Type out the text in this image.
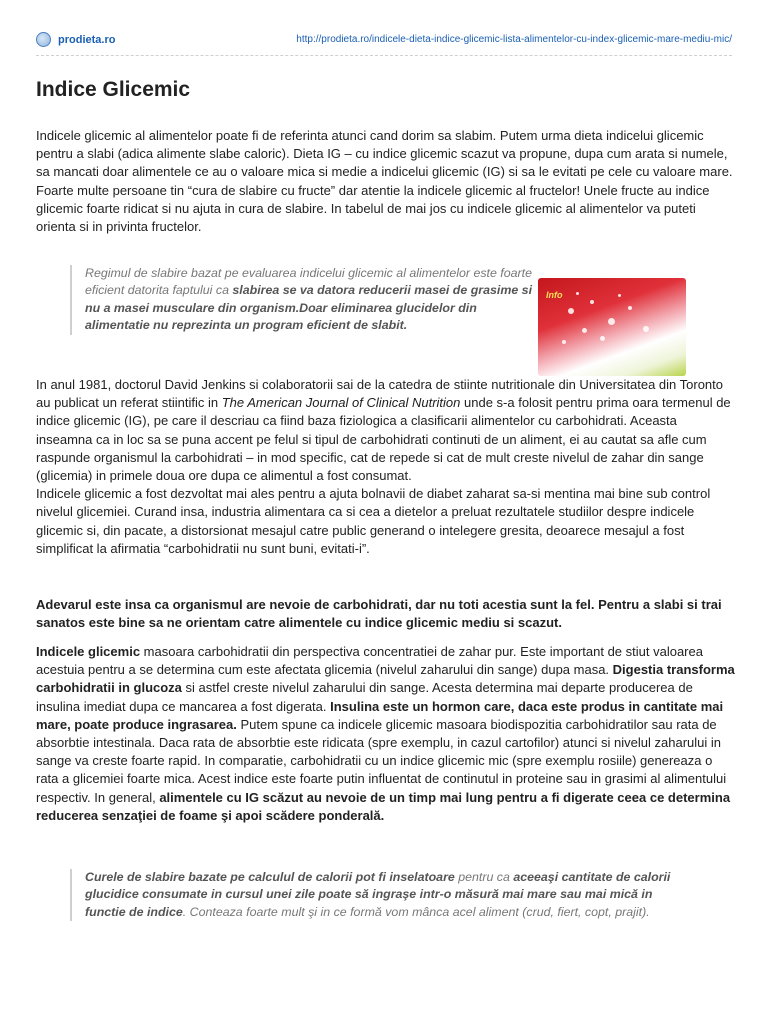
prodieta.ro	http://prodieta.ro/indicele-dieta-indice-glicemic-lista-alimentelor-cu-index-glicemic-mare-mediu-mic/
Indice Glicemic

Indicele glicemic al alimentelor poate fi de referinta atunci cand dorim sa slabim. Putem urma dieta indicelui glicemic pentru a slabi (adica alimente slabe caloric). Dieta IG – cu indice glicemic scazut va propune, dupa cum arata si numele, sa mancati doar alimentele ce au o valoare mica si medie a indicelui glicemic (IG) si sa le evitati pe cele cu valoare mare. Foarte multe persoane tin “cura de slabire cu fructe” dar atentie la indicele glicemic al fructelor! Unele fructe au indice glicemic foarte ridicat si nu ajuta in cura de slabire. In tabelul de mai jos cu indicele glicemic al alimentelor va puteti orienta si in privinta fructelor.

Regimul de slabire bazat pe evaluarea indicelui glicemic al alimentelor este foarte eficient datorita faptului ca slabirea se va datora reducerii masei de grasime si nu a masei musculare din organism.Doar eliminarea glucidelor din alimentatie nu reprezinta un program eficient de slabit.
Info

In anul 1981, doctorul David Jenkins si colaboratorii sai de la catedra de stiinte nutritionale din Universitatea din Toronto au publicat un referat stiintific in The American Journal of Clinical Nutrition unde s-a folosit pentru prima oara termenul de indice glicemic (IG), pe care il descriau ca fiind baza fiziologica a clasificarii alimentelor cu carbohidrati. Aceasta inseamna ca in loc sa se puna accent pe felul si tipul de carbohidrati continuti de un aliment, ei au cautat sa afle cum raspunde organismul la carbohidrati – in mod specific, cat de repede si cat de mult creste nivelul de zahar din sange (glicemia) in primele doua ore dupa ce alimentul a fost consumat.
Indicele glicemic a fost dezvoltat mai ales pentru a ajuta bolnavii de diabet zaharat sa-si mentina mai bine sub control nivelul glicemiei. Curand insa, industria alimentara ca si cea a dietelor a preluat rezultatele studiilor despre indicele glicemic si, din pacate, a distorsionat mesajul catre public generand o intelegere gresita, deoarece mesajul a fost simplificat la afirmatia “carbohidratii nu sunt buni, evitati-i”.

Adevarul este insa ca organismul are nevoie de carbohidrati, dar nu toti acestia sunt la fel. Pentru a slabi si trai sanatos este bine sa ne orientam catre alimentele cu indice glicemic mediu si scazut.

Indicele glicemic masoara carbohidratii din perspectiva concentratiei de zahar pur. Este important de stiut valoarea acestuia pentru a se determina cum este afectata glicemia (nivelul zaharului din sange) dupa masa. Digestia transforma carbohidratii in glucoza si astfel creste nivelul zaharului din sange. Acesta determina mai departe producerea de insulina imediat dupa ce mancarea a fost digerata. Insulina este un hormon care, daca este produs in cantitate mai mare, poate produce ingrasarea. Putem spune ca indicele glicemic masoara biodispozitia carbohidratilor sau rata de absorbtie intestinala. Daca rata de absorbtie este ridicata (spre exemplu, in cazul cartofilor) atunci si nivelul zaharului in sange va creste foarte rapid. In comparatie, carbohidratii cu un indice glicemic mic (spre exemplu rosiile) genereaza o rata a glicemiei foarte mica. Acest indice este foarte putin influentat de continutul in proteine sau in grasimi al alimentului respectiv. In general, alimentele cu IG scăzut au nevoie de un timp mai lung pentru a fi digerate ceea ce determina reducerea senzaţiei de foame şi apoi scădere ponderală.

Curele de slabire bazate pe calculul de calorii pot fi inselatoare pentru ca aceeaşi cantitate de calorii glucidice consumate in cursul unei zile poate să ingraşe intr-o măsură mai mare sau mai mică in functie de indice. Conteaza foarte mult şi in ce formă vom mânca acel aliment (crud, fiert, copt, prajit).
